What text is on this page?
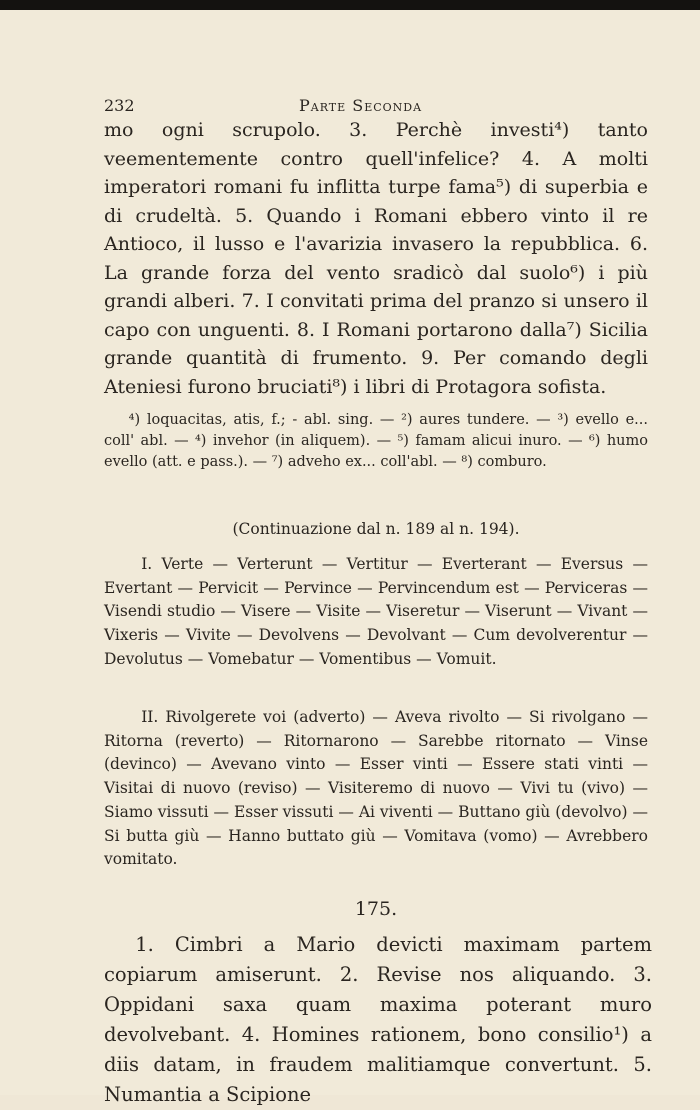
232	Parte Seconda

mo ogni scrupolo. 3. Perchè investi⁴) tanto veementemente contro quell'infelice? 4. A molti imperatori romani fu inflitta turpe fama⁵) di superbia e di crudeltà. 5. Quando i Romani ebbero vinto il re Antioco, il lusso e l'avarizia invasero la repubblica. 6. La grande forza del vento sradicò dal suolo⁶) i più grandi alberi. 7. I convitati prima del pranzo si unsero il capo con unguenti. 8. I Romani portarono dalla⁷) Sicilia grande quantità di frumento. 9. Per comando degli Ateniesi furono bruciati⁸) i libri di Protagora sofista.

⁴) loquacitas, atis, f.; - abl. sing. — ²) aures tundere. — ³) evello e... coll' abl. — ⁴) invehor (in aliquem). — ⁵) famam alicui inuro. — ⁶) humo evello (att. e pass.). — ⁷) adveho ex... coll'abl. — ⁸) comburo.

(Continuazione dal n. 189 al n. 194).

I. Verte — Verterunt — Vertitur — Everterant — Eversus — Evertant — Pervicit — Pervince — Pervincendum est — Perviceras — Visendi studio — Visere — Visite — Viseretur — Viserunt — Vivant — Vixeris — Vivite — Devolvens — Devolvant — Cum devolverentur — Devolutus — Vomebatur — Vomentibus — Vomuit.

II. Rivolgerete voi (adverto) — Aveva rivolto — Si rivolgano — Ritorna (reverto) — Ritornarono — Sarebbe ritornato — Vinse (devinco) — Avevano vinto — Esser vinti — Essere stati vinti — Visitai di nuovo (reviso) — Visiteremo di nuovo — Vivi tu (vivo) — Siamo vissuti — Esser vissuti — Ai viventi — Buttano giù (devolvo) — Si butta giù — Hanno buttato giù — Vomitava (vomo) — Avrebbero vomitato.

175.

1. Cimbri a Mario devicti maximam partem copiarum amiserunt. 2. Revise nos aliquando. 3. Oppidani saxa quam maxima poterant muro devolvebant. 4. Homines rationem, bono consilio¹) a diis datam, in fraudem malitiamque convertunt. 5. Numantia a Scipione
